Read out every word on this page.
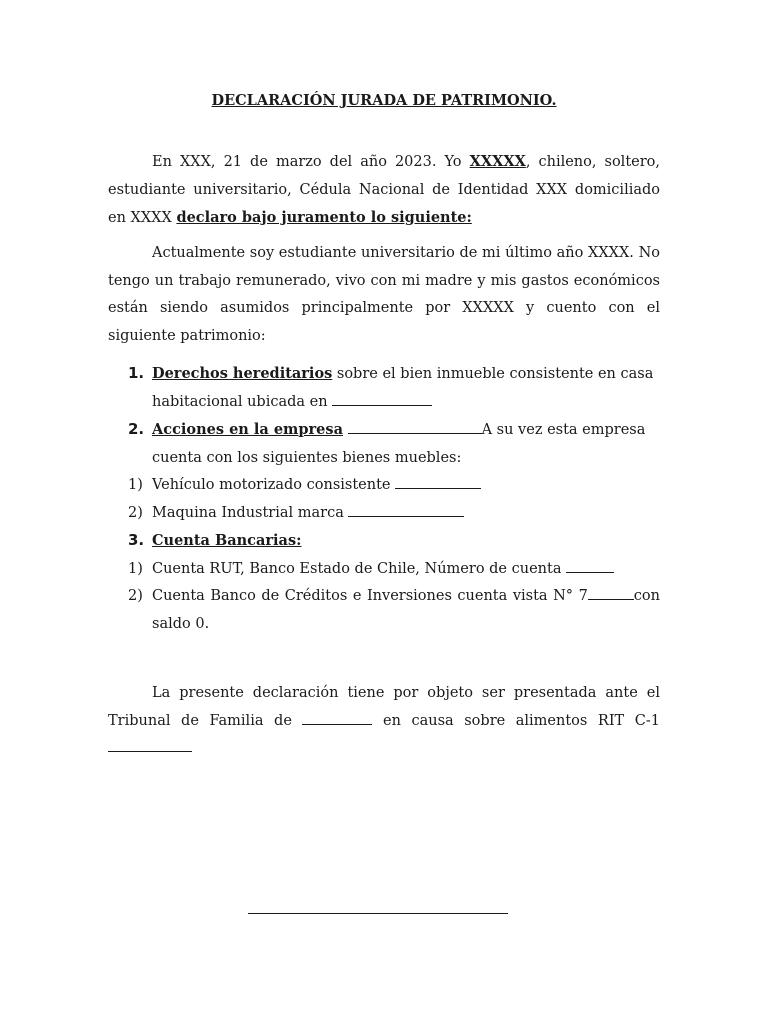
DECLARACIÓN JURADA DE PATRIMONIO.
En XXX, 21 de marzo del año 2023. Yo XXXXX, chileno, soltero, estudiante universitario, Cédula Nacional de Identidad XXX domiciliado en XXXX declaro bajo juramento lo siguiente:
Actualmente soy estudiante universitario de mi último año XXXX. No tengo un trabajo remunerado, vivo con mi madre y mis gastos económicos están siendo asumidos principalmente por XXXXX y cuento con el siguiente patrimonio:
1. Derechos hereditarios sobre el bien inmueble consistente en casa habitacional ubicada en
2. Acciones en la empresa	A su vez esta empresa cuenta con los siguientes bienes muebles:
1) Vehículo motorizado consistente
2) Maquina Industrial marca
3. Cuenta Bancarias:
1) Cuenta RUT, Banco Estado de Chile, Número de cuenta
2) Cuenta Banco de Créditos e Inversiones cuenta vista N° 7	con saldo 0.
La presente declaración tiene por objeto ser presentada ante el Tribunal de Familia de	en causa sobre alimentos RIT C-1
